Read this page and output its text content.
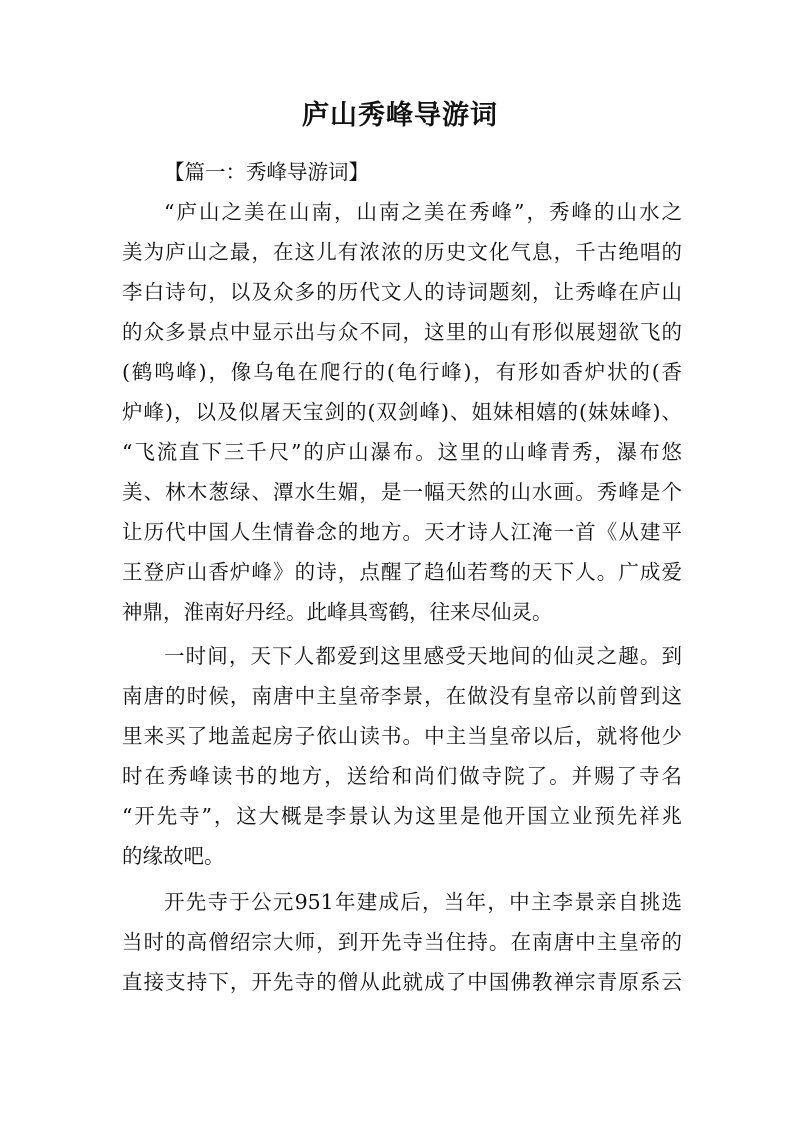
庐山秀峰导游词
【篇一：秀峰导游词】
“庐山之美在山南，山南之美在秀峰”，秀峰的山水之
美为庐山之最，在这儿有浓浓的历史文化气息，千古绝唱的
李白诗句，以及众多的历代文人的诗词题刻，让秀峰在庐山
的众多景点中显示出与众不同，这里的山有形似展翅欲飞的
(鹤鸣峰)，像乌龟在爬行的(龟行峰)，有形如香炉状的(香
炉峰)，以及似屠天宝剑的(双剑峰)、姐妹相嬉的(妹妹峰)、
“飞流直下三千尺”的庐山瀑布。这里的山峰青秀，瀑布悠
美、林木葱绿、潭水生媚，是一幅天然的山水画。秀峰是个
让历代中国人生情眷念的地方。天才诗人江淹一首《从建平
王登庐山香炉峰》的诗，点醒了趋仙若骛的天下人。广成爱
神鼎，淮南好丹经。此峰具鸾鹤，往来尽仙灵。
一时间，天下人都爱到这里感受天地间的仙灵之趣。到
南唐的时候，南唐中主皇帝李景，在做没有皇帝以前曾到这
里来买了地盖起房子依山读书。中主当皇帝以后，就将他少
时在秀峰读书的地方，送给和尚们做寺院了。并赐了寺名
“开先寺”，这大概是李景认为这里是他开国立业预先祥兆
的缘故吧。
开先寺于公元951年建成后，当年，中主李景亲自挑选
当时的高僧绍宗大师，到开先寺当住持。在南唐中主皇帝的
直接支持下，开先寺的僧从此就成了中国佛教禅宗青原系云
